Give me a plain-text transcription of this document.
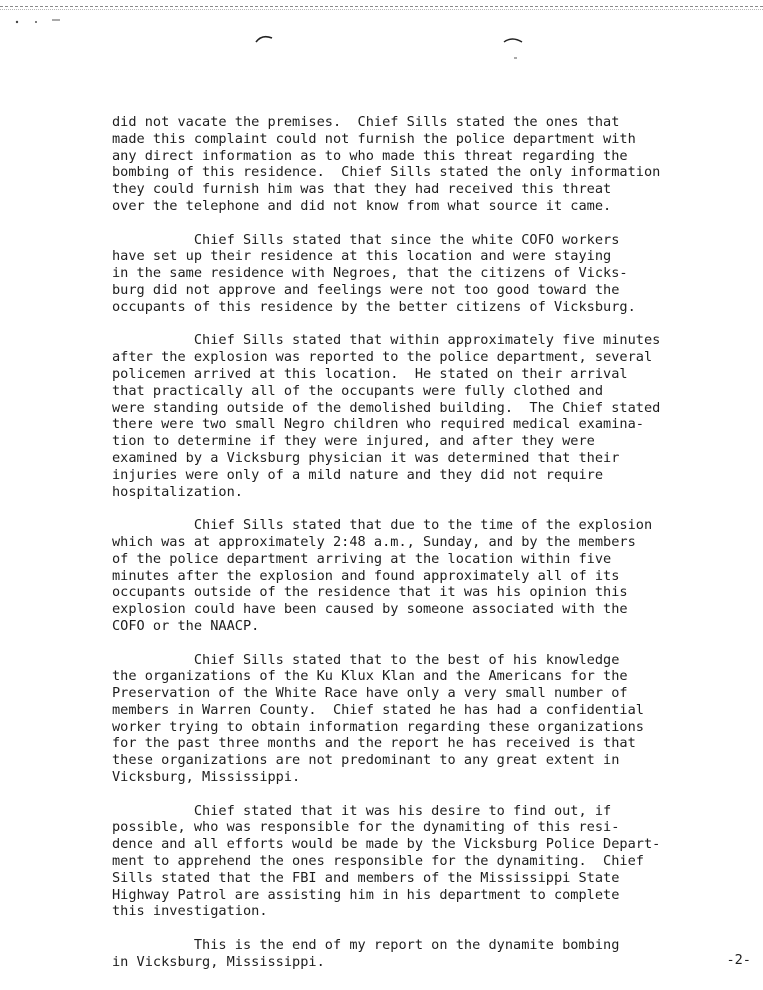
did not vacate the premises.  Chief Sills stated the ones that
made this complaint could not furnish the police department with
any direct information as to who made this threat regarding the
bombing of this residence.  Chief Sills stated the only information
they could furnish him was that they had received this threat
over the telephone and did not know from what source it came.
Chief Sills stated that since the white COFO workers
have set up their residence at this location and were staying
in the same residence with Negroes, that the citizens of Vicks-
burg did not approve and feelings were not too good toward the
occupants of this residence by the better citizens of Vicksburg.
Chief Sills stated that within approximately five minutes
after the explosion was reported to the police department, several
policemen arrived at this location.  He stated on their arrival
that practically all of the occupants were fully clothed and
were standing outside of the demolished building.  The Chief stated
there were two small Negro children who required medical examina-
tion to determine if they were injured, and after they were
examined by a Vicksburg physician it was determined that their
injuries were only of a mild nature and they did not require
hospitalization.
Chief Sills stated that due to the time of the explosion
which was at approximately 2:48 a.m., Sunday, and by the members
of the police department arriving at the location within five
minutes after the explosion and found approximately all of its
occupants outside of the residence that it was his opinion this
explosion could have been caused by someone associated with the
COFO or the NAACP.
Chief Sills stated that to the best of his knowledge
the organizations of the Ku Klux Klan and the Americans for the
Preservation of the White Race have only a very small number of
members in Warren County.  Chief stated he has had a confidential
worker trying to obtain information regarding these organizations
for the past three months and the report he has received is that
these organizations are not predominant to any great extent in
Vicksburg, Mississippi.
Chief stated that it was his desire to find out, if
possible, who was responsible for the dynamiting of this resi-
dence and all efforts would be made by the Vicksburg Police Depart-
ment to apprehend the ones responsible for the dynamiting.  Chief
Sills stated that the FBI and members of the Mississippi State
Highway Patrol are assisting him in his department to complete
this investigation.
This is the end of my report on the dynamite bombing
in Vicksburg, Mississippi.	-2-
